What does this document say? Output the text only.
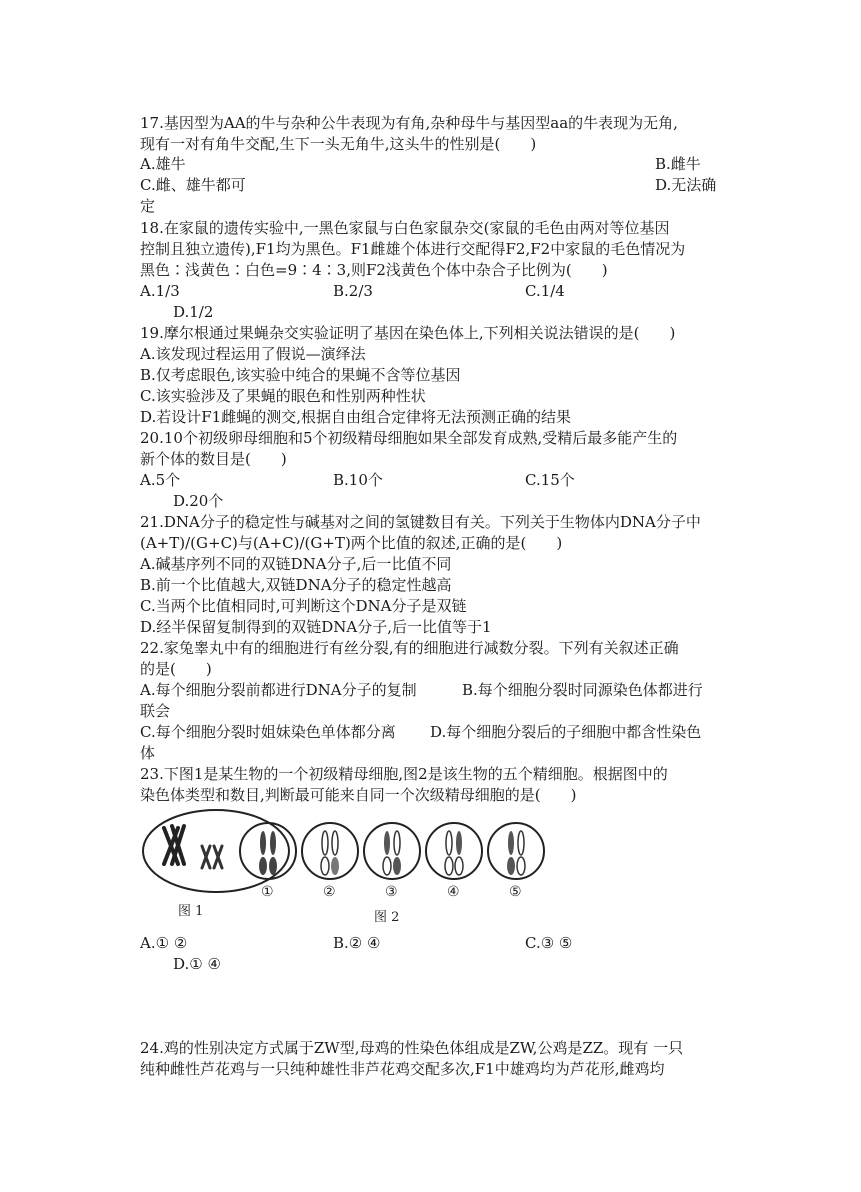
17.基因型为AA的牛与杂种公牛表现为有角,杂种母牛与基因型aa的牛表现为无角,
现有一对有角牛交配,生下一头无角牛,这头牛的性别是(　　)
A.雄牛	B.雌牛
C.雌、雄牛都可	D.无法确
定
18.在家鼠的遗传实验中,一黑色家鼠与白色家鼠杂交(家鼠的毛色由两对等位基因
控制且独立遗传),F1均为黑色。F1雌雄个体进行交配得F2,F2中家鼠的毛色情况为
黑色∶浅黄色∶白色=9∶4∶3,则F2浅黄色个体中杂合子比例为(　　)
A.1/3	B.2/3	C.1/4
D.1/2
19.摩尔根通过果蝇杂交实验证明了基因在染色体上,下列相关说法错误的是(　　)
A.该发现过程运用了假说—演绎法
B.仅考虑眼色,该实验中纯合的果蝇不含等位基因
C.该实验涉及了果蝇的眼色和性别两种性状
D.若设计F1雌蝇的测交,根据自由组合定律将无法预测正确的结果
20.10个初级卵母细胞和5个初级精母细胞如果全部发育成熟,受精后最多能产生的
新个体的数目是(　　)
A.5个	B.10个	C.15个
D.20个
21.DNA分子的稳定性与碱基对之间的氢键数目有关。下列关于生物体内DNA分子中
(A+T)/(G+C)与(A+C)/(G+T)两个比值的叙述,正确的是(　　)
A.碱基序列不同的双链DNA分子,后一比值不同
B.前一个比值越大,双链DNA分子的稳定性越高
C.当两个比值相同时,可判断这个DNA分子是双链
D.经半保留复制得到的双链DNA分子,后一比值等于1
22.家兔睾丸中有的细胞进行有丝分裂,有的细胞进行减数分裂。下列有关叙述正确
的是(　　)
A.每个细胞分裂前都进行DNA分子的复制	B.每个细胞分裂时同源染色体都进行
联会
C.每个细胞分裂时姐妹染色单体都分离 D.每个细胞分裂后的子细胞中都含性染色
体
23.下图1是某生物的一个初级精母细胞,图2是该生物的五个精细胞。根据图中的
染色体类型和数目,判断最可能来自同一个次级精母细胞的是(　　)
图 1
①	②	③	④	⑤
图 2
A.① ②	B.② ④	C.③ ⑤
D.① ④
24.鸡的性别决定方式属于ZW型,母鸡的性染色体组成是ZW,公鸡是ZZ。现有 一只
纯种雌性芦花鸡与一只纯种雄性非芦花鸡交配多次,F1中雄鸡均为芦花形,雌鸡均
